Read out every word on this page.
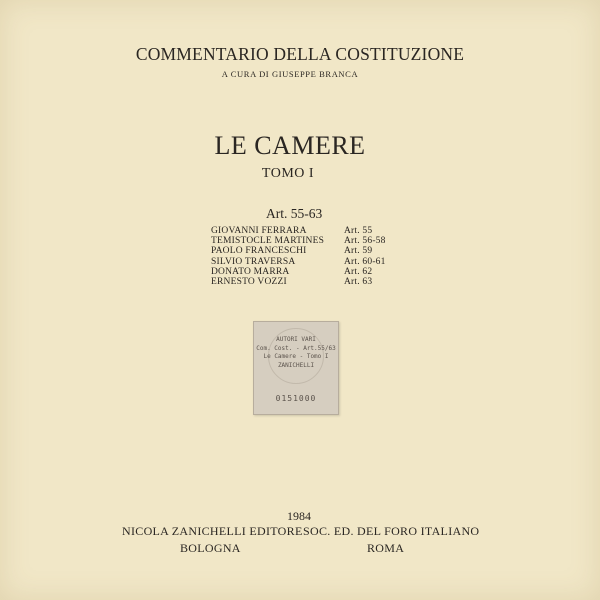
COMMENTARIO DELLA COSTITUZIONE
A CURA DI GIUSEPPE BRANCA
LE CAMERE
TOMO I
Art. 55-63
GIOVANNI FERRARA	Art. 55
TEMISTOCLE MARTINES Art. 56-58
PAOLO FRANCESCHI	Art. 59
SILVIO TRAVERSA	Art. 60-61
DONATO MARRA	Art. 62
ERNESTO VOZZI	Art. 63
AUTORI VARI
Com. Cost. - Art.55/63
Le Camere - Tomo I
ZANICHELLI
0151000
1984
NICOLA ZANICHELLI EDITORE SOC. ED. DEL FORO ITALIANO
BOLOGNA	ROMA
